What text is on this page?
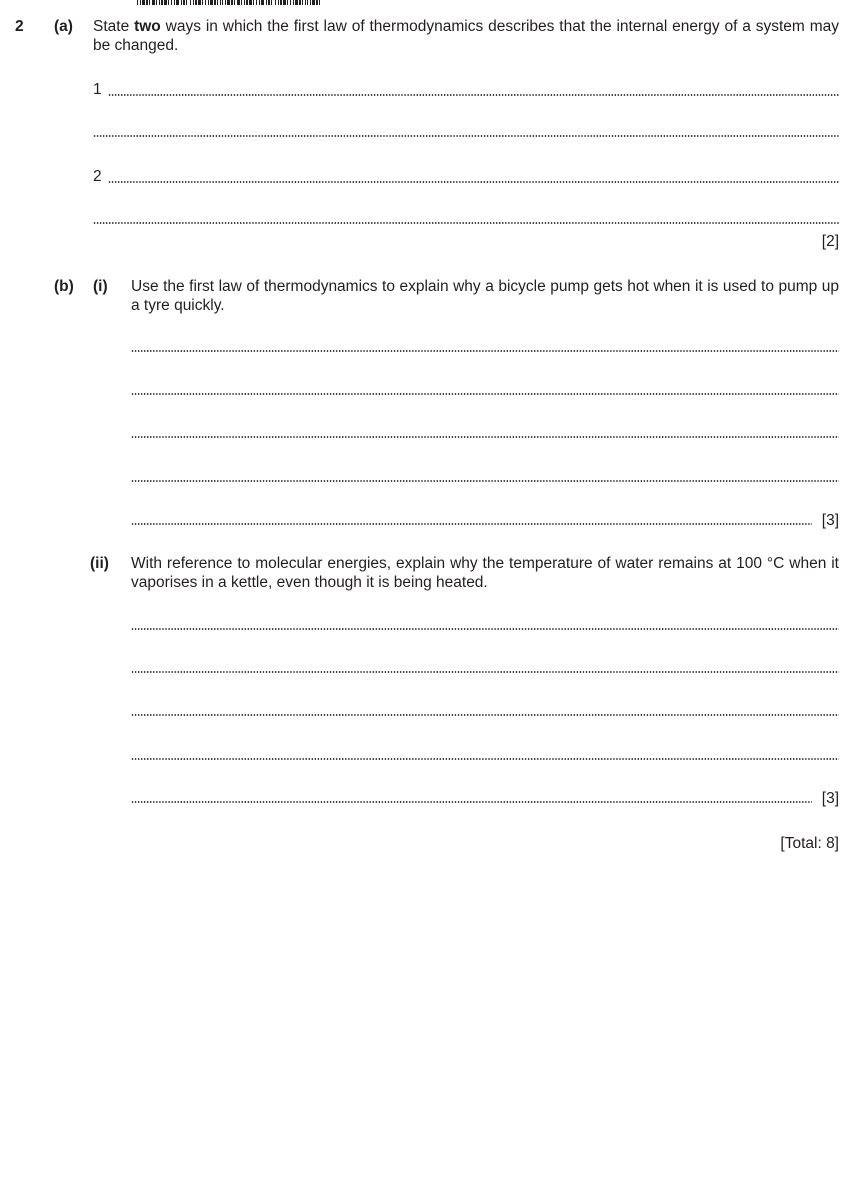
2 (a) State two ways in which the first law of thermodynamics describes that the internal energy of a system may be changed.

1
2
[2]
(b) (i) Use the first law of thermodynamics to explain why a bicycle pump gets hot when it is used to pump up a tyre quickly.

[3]
(ii) With reference to molecular energies, explain why the temperature of water remains at 100 °C when it vaporises in a kettle, even though it is being heated.

[3]
[Total: 8]
